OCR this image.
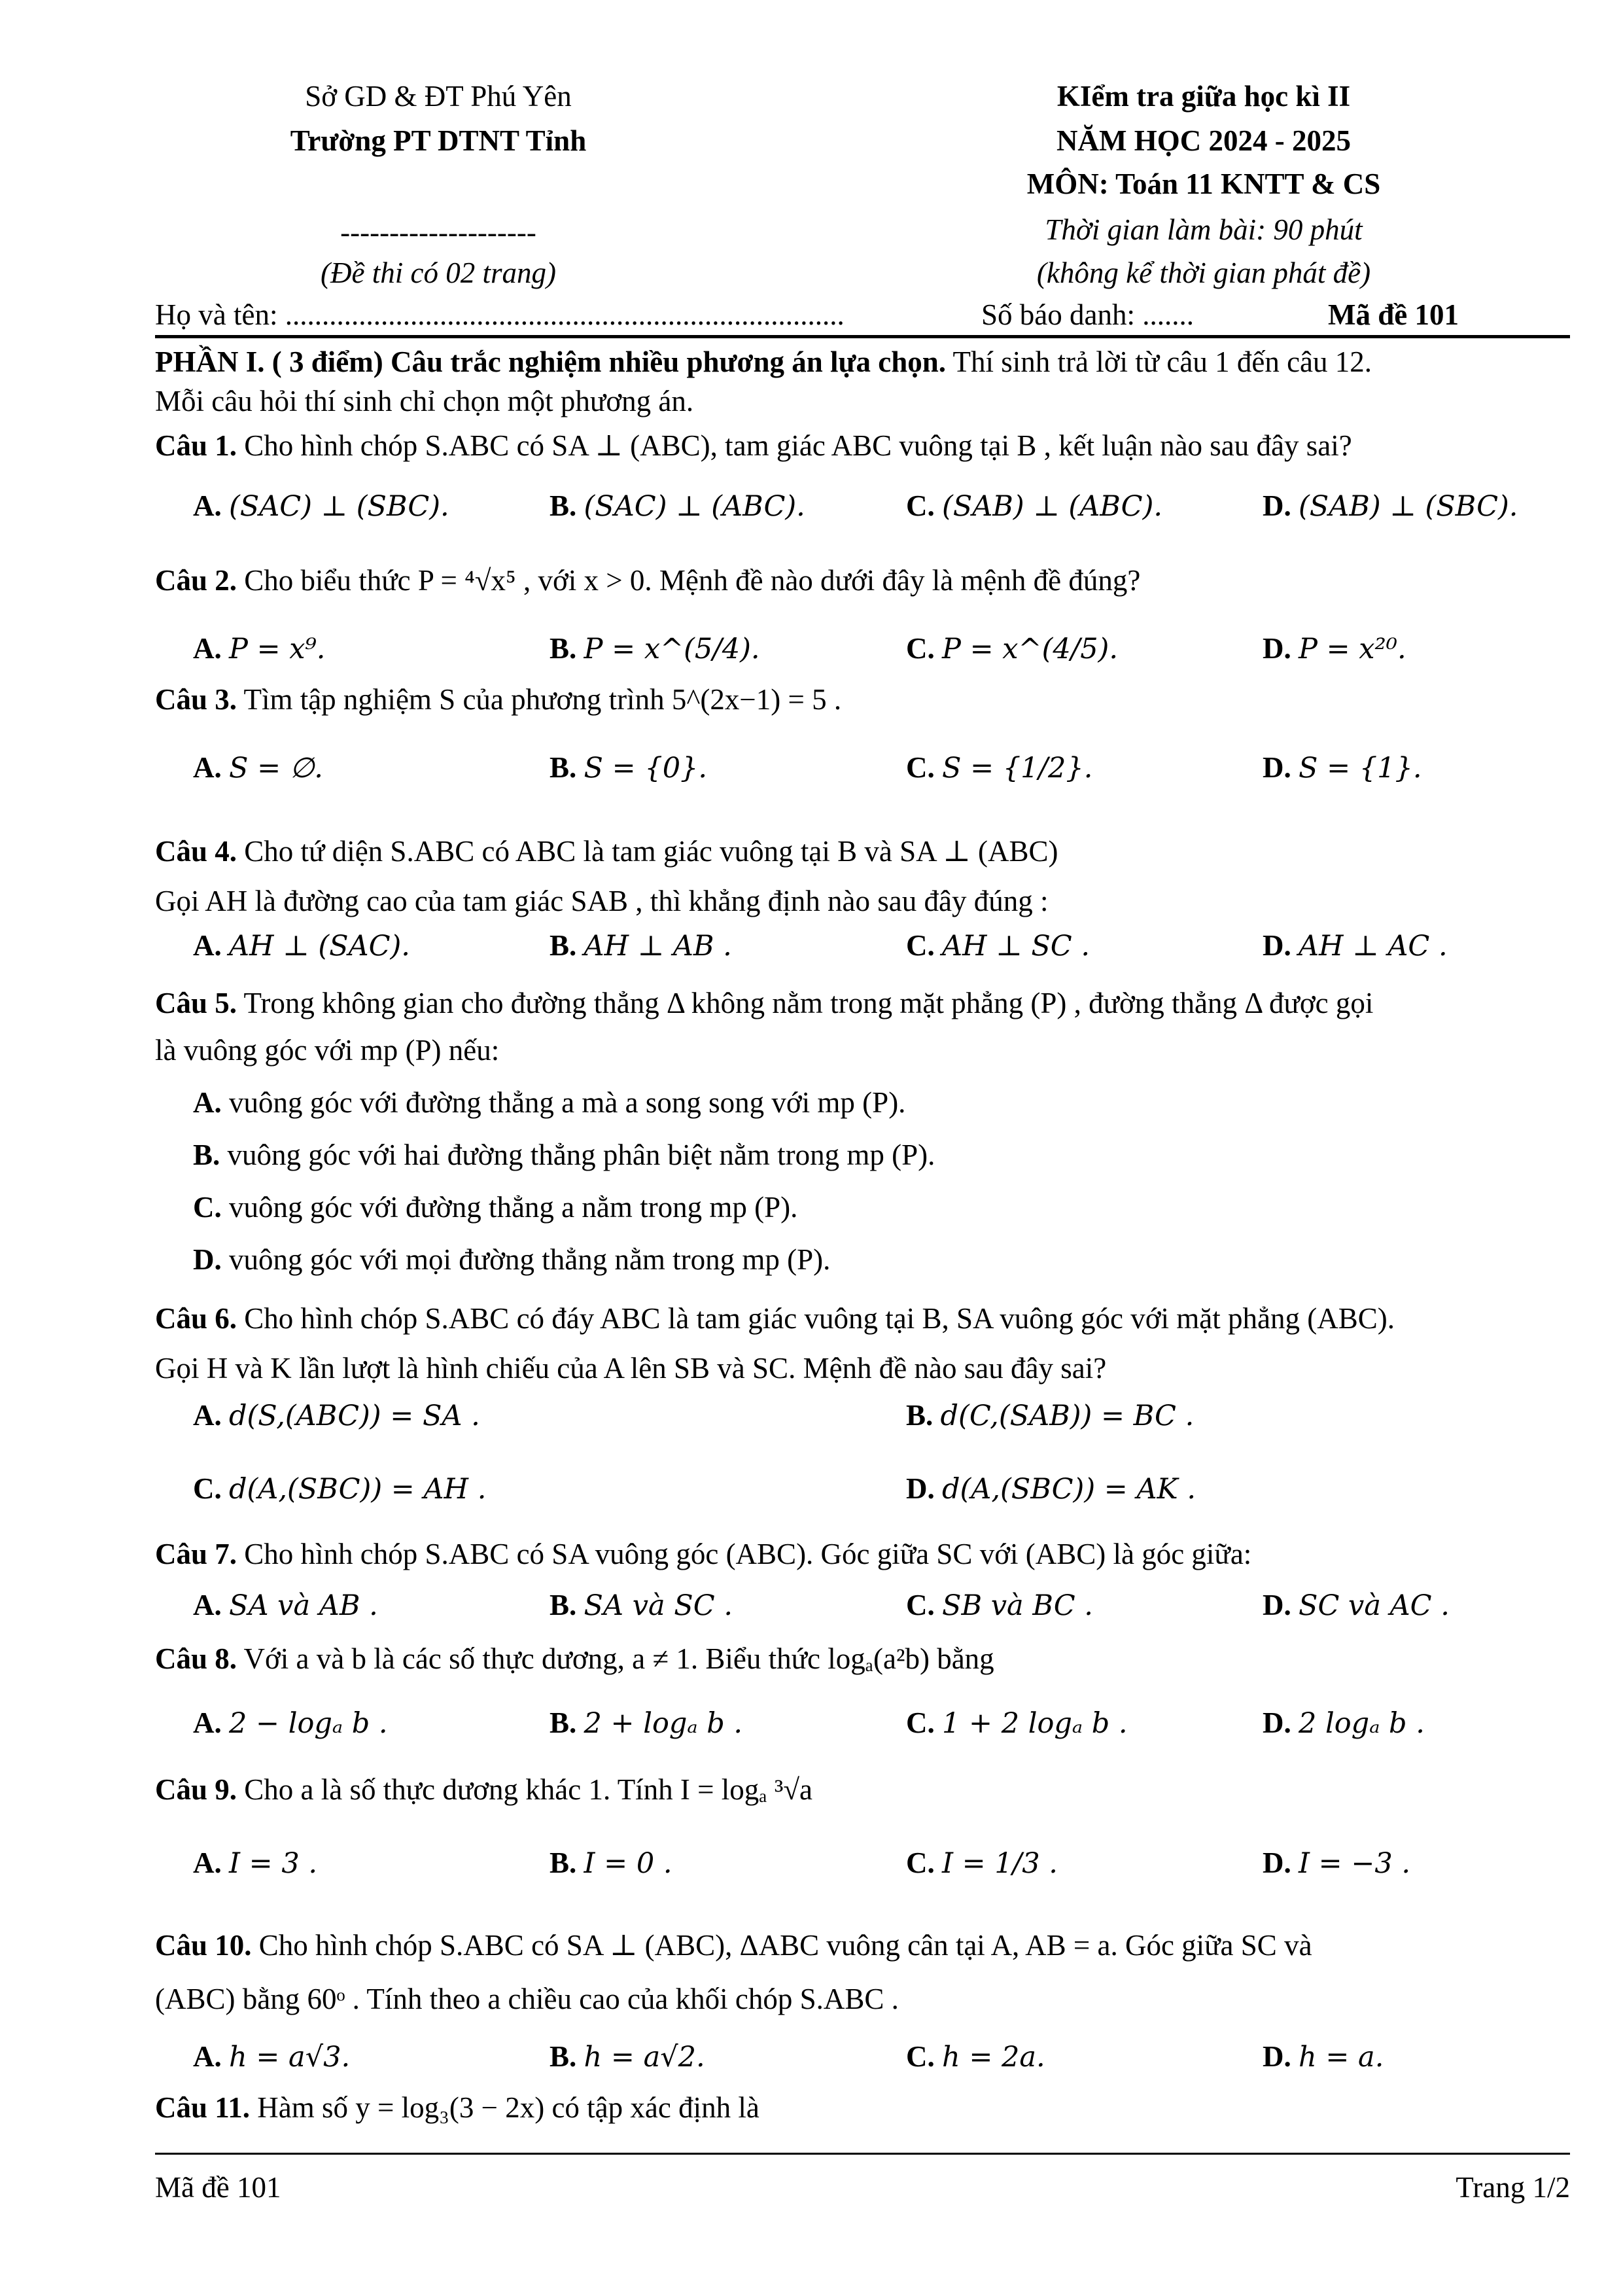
Sở GD & ĐT Phú Yên
Trường PT DTNT Tỉnh
--------------------
(Đề thi có 02 trang)
KIểm tra giữa học kì II
NĂM HỌC 2024 - 2025
MÔN: Toán 11 KNTT & CS
Thời gian làm bài: 90 phút
(không kể thời gian phát đề)
Họ và tên: ............................................................................	Số báo danh: .......	Mã đề 101
PHẦN I. ( 3 điểm) Câu trắc nghiệm nhiều phương án lựa chọn. Thí sinh trả lời từ câu 1 đến câu 12.
Mỗi câu hỏi thí sinh chỉ chọn một phương án.
Câu 1. Cho hình chóp S.ABC có SA ⊥ (ABC), tam giác ABC vuông tại B , kết luận nào sau đây sai?
A. (SAC) ⊥ (SBC).	B. (SAC) ⊥ (ABC).	C. (SAB) ⊥ (ABC).	D. (SAB) ⊥ (SBC).
Câu 2. Cho biểu thức P = ⁴√x⁵ , với x > 0. Mệnh đề nào dưới đây là mệnh đề đúng?
A. P = x⁹.	B. P = x^(5/4).	C. P = x^(4/5).	D. P = x²⁰.
Câu 3. Tìm tập nghiệm S của phương trình 5^(2x−1) = 5 .
A. S = ∅.	B. S = {0}.	C. S = {1/2}.	D. S = {1}.
Câu 4. Cho tứ diện S.ABC có ABC là tam giác vuông tại B và SA ⊥ (ABC)
Gọi AH là đường cao của tam giác SAB , thì khẳng định nào sau đây đúng :
A. AH ⊥ (SAC).	B. AH ⊥ AB .	C. AH ⊥ SC .	D. AH ⊥ AC .
Câu 5. Trong không gian cho đường thẳng Δ không nằm trong mặt phẳng (P) , đường thẳng Δ được gọi
là vuông góc với mp (P) nếu:
A. vuông góc với đường thẳng a mà a song song với mp (P).
B. vuông góc với hai đường thẳng phân biệt nằm trong mp (P).
C. vuông góc với đường thẳng a nằm trong mp (P).
D. vuông góc với mọi đường thẳng nằm trong mp (P).
Câu 6. Cho hình chóp S.ABC có đáy ABC là tam giác vuông tại B, SA vuông góc với mặt phẳng (ABC).
Gọi H và K lần lượt là hình chiếu của A lên SB và SC. Mệnh đề nào sau đây sai?
A. d(S,(ABC)) = SA .	B. d(C,(SAB)) = BC .
C. d(A,(SBC)) = AH .	D. d(A,(SBC)) = AK .
Câu 7. Cho hình chóp S.ABC có SA vuông góc (ABC). Góc giữa SC với (ABC) là góc giữa:
A. SA và AB .	B. SA và SC .	C. SB và BC .	D. SC và AC .
Câu 8. Với a và b là các số thực dương, a ≠ 1. Biểu thức logₐ(a²b) bằng
A. 2 − logₐ b .	B. 2 + logₐ b .	C. 1 + 2 logₐ b .	D. 2 logₐ b .
Câu 9. Cho a là số thực dương khác 1. Tính I = logₐ ³√a
A. I = 3 .	B. I = 0 .	C. I = 1/3 .	D. I = −3 .
Câu 10. Cho hình chóp S.ABC có SA ⊥ (ABC), ΔABC vuông cân tại A, AB = a. Góc giữa SC và
(ABC) bằng 60ᵒ . Tính theo a chiều cao của khối chóp S.ABC .
A. h = a√3.	B. h = a√2.	C. h = 2a.	D. h = a.
Câu 11. Hàm số y = log₃(3 − 2x) có tập xác định là
Mã đề 101	Trang 1/2
